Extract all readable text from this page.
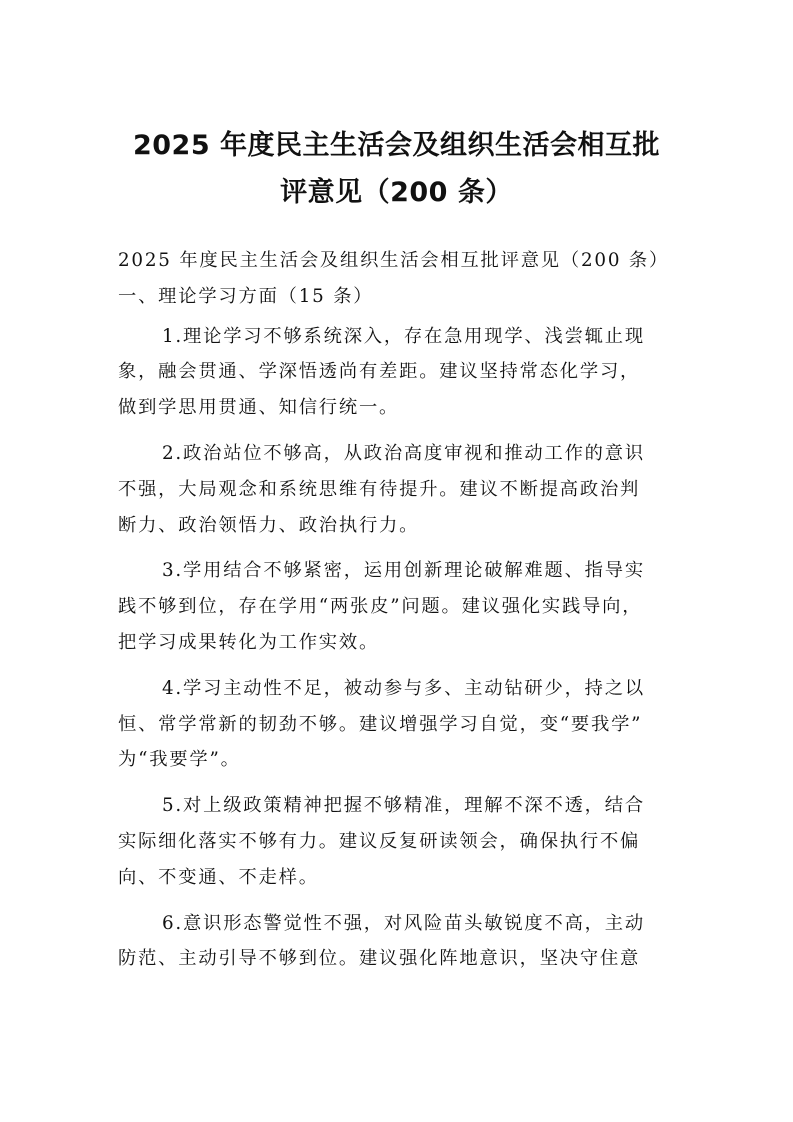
2025 年度民主生活会及组织生活会相互批
评意见（200 条）
2025 年度民主生活会及组织生活会相互批评意见（200 条）
一、理论学习方面（15 条）
1.理论学习不够系统深入，存在急用现学、浅尝辄止现
象，融会贯通、学深悟透尚有差距。建议坚持常态化学习，
做到学思用贯通、知信行统一。
2.政治站位不够高，从政治高度审视和推动工作的意识
不强，大局观念和系统思维有待提升。建议不断提高政治判
断力、政治领悟力、政治执行力。
3.学用结合不够紧密，运用创新理论破解难题、指导实
践不够到位，存在学用“两张皮”问题。建议强化实践导向，
把学习成果转化为工作实效。
4.学习主动性不足，被动参与多、主动钻研少，持之以
恒、常学常新的韧劲不够。建议增强学习自觉，变“要我学”
为“我要学”。
5.对上级政策精神把握不够精准，理解不深不透，结合
实际细化落实不够有力。建议反复研读领会，确保执行不偏
向、不变通、不走样。
6.意识形态警觉性不强，对风险苗头敏锐度不高，主动
防范、主动引导不够到位。建议强化阵地意识，坚决守住意
